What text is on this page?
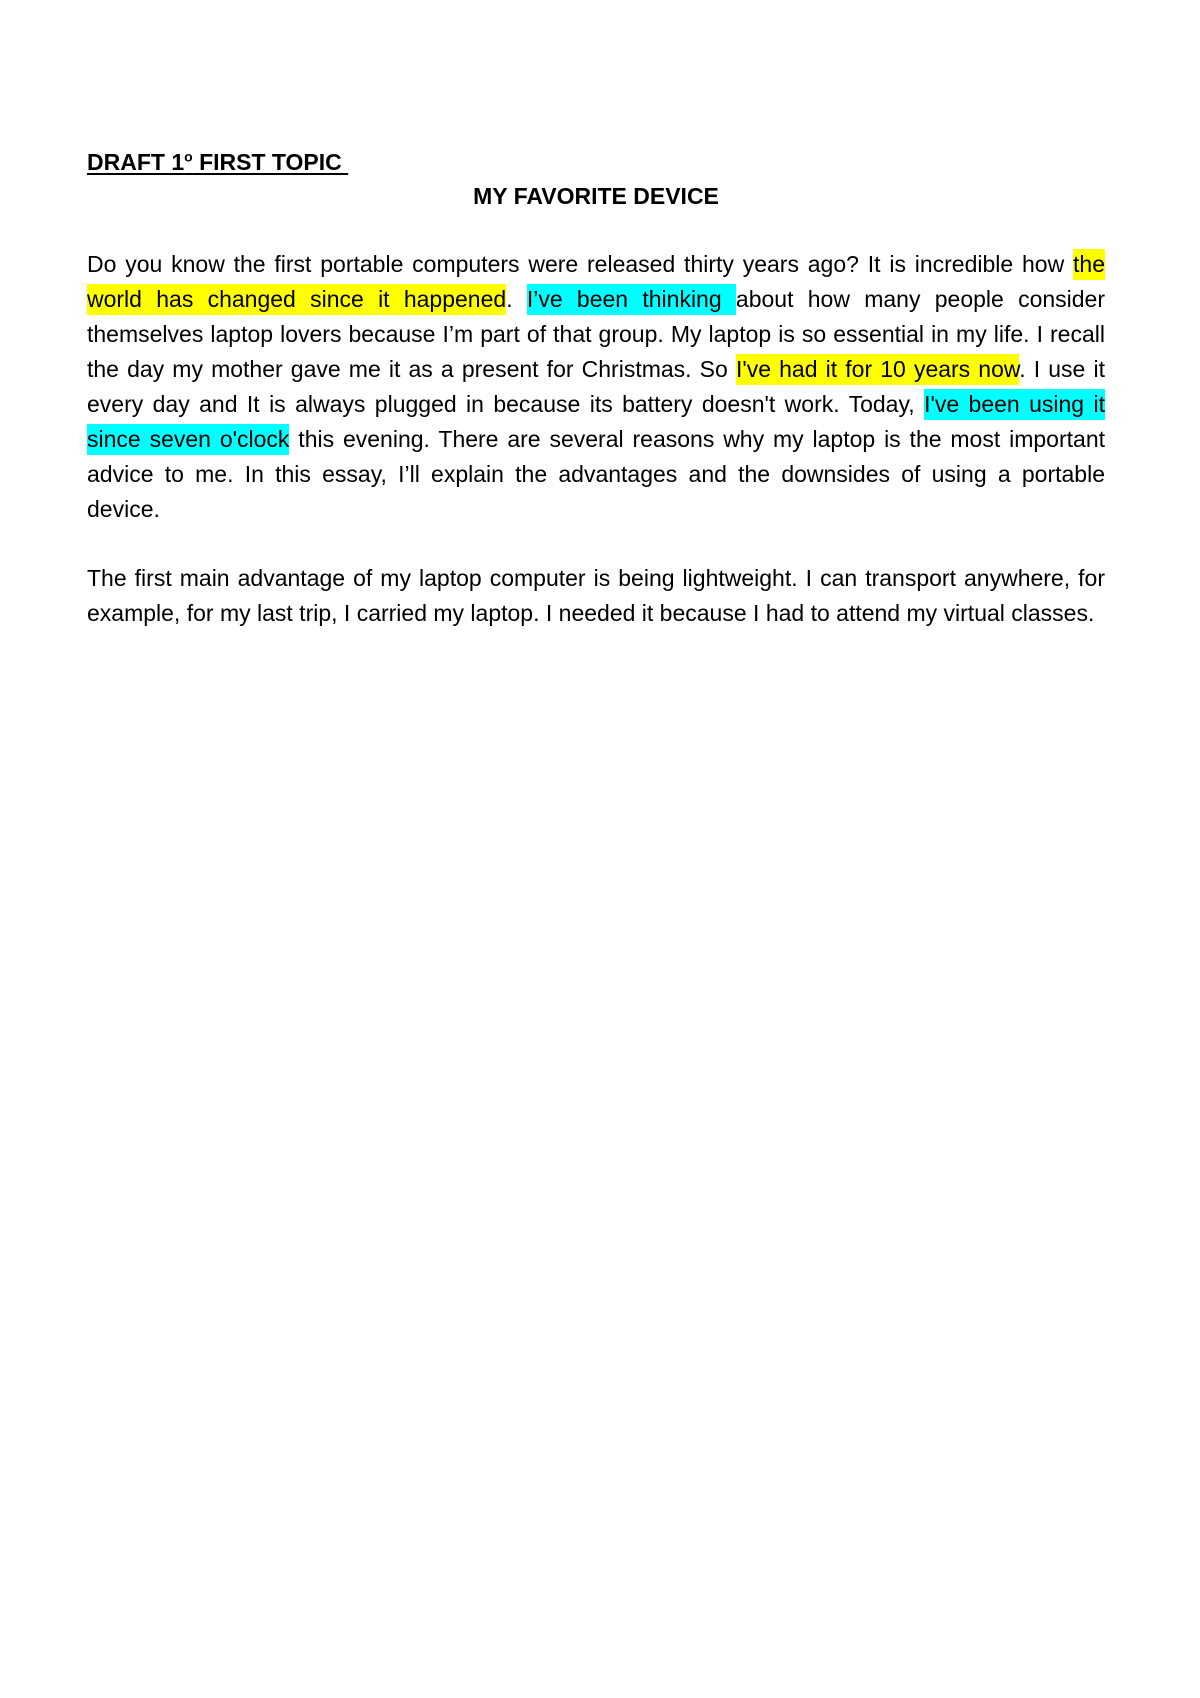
DRAFT 1$^o$ FIRST TOPIC

MY FAVORITE DEVICE

Do you know the first portable computers were released thirty years ago? It is incredible how the world has changed since it happened. I’ve been thinking about how many people consider themselves laptop lovers because I’m part of that group. My laptop is so essential in my life. I recall the day my mother gave me it as a present for Christmas. So I've had it for 10 years now. I use it every day and It is always plugged in because its battery doesn't work. Today, I've been using it since seven o'clock this evening. There are several reasons why my laptop is the most important advice to me. In this essay, I’ll explain the advantages and the downsides of using a portable device.

The first main advantage of my laptop computer is being lightweight. I can transport anywhere, for example, for my last trip, I carried my laptop. I needed it because I had to attend my virtual classes.
